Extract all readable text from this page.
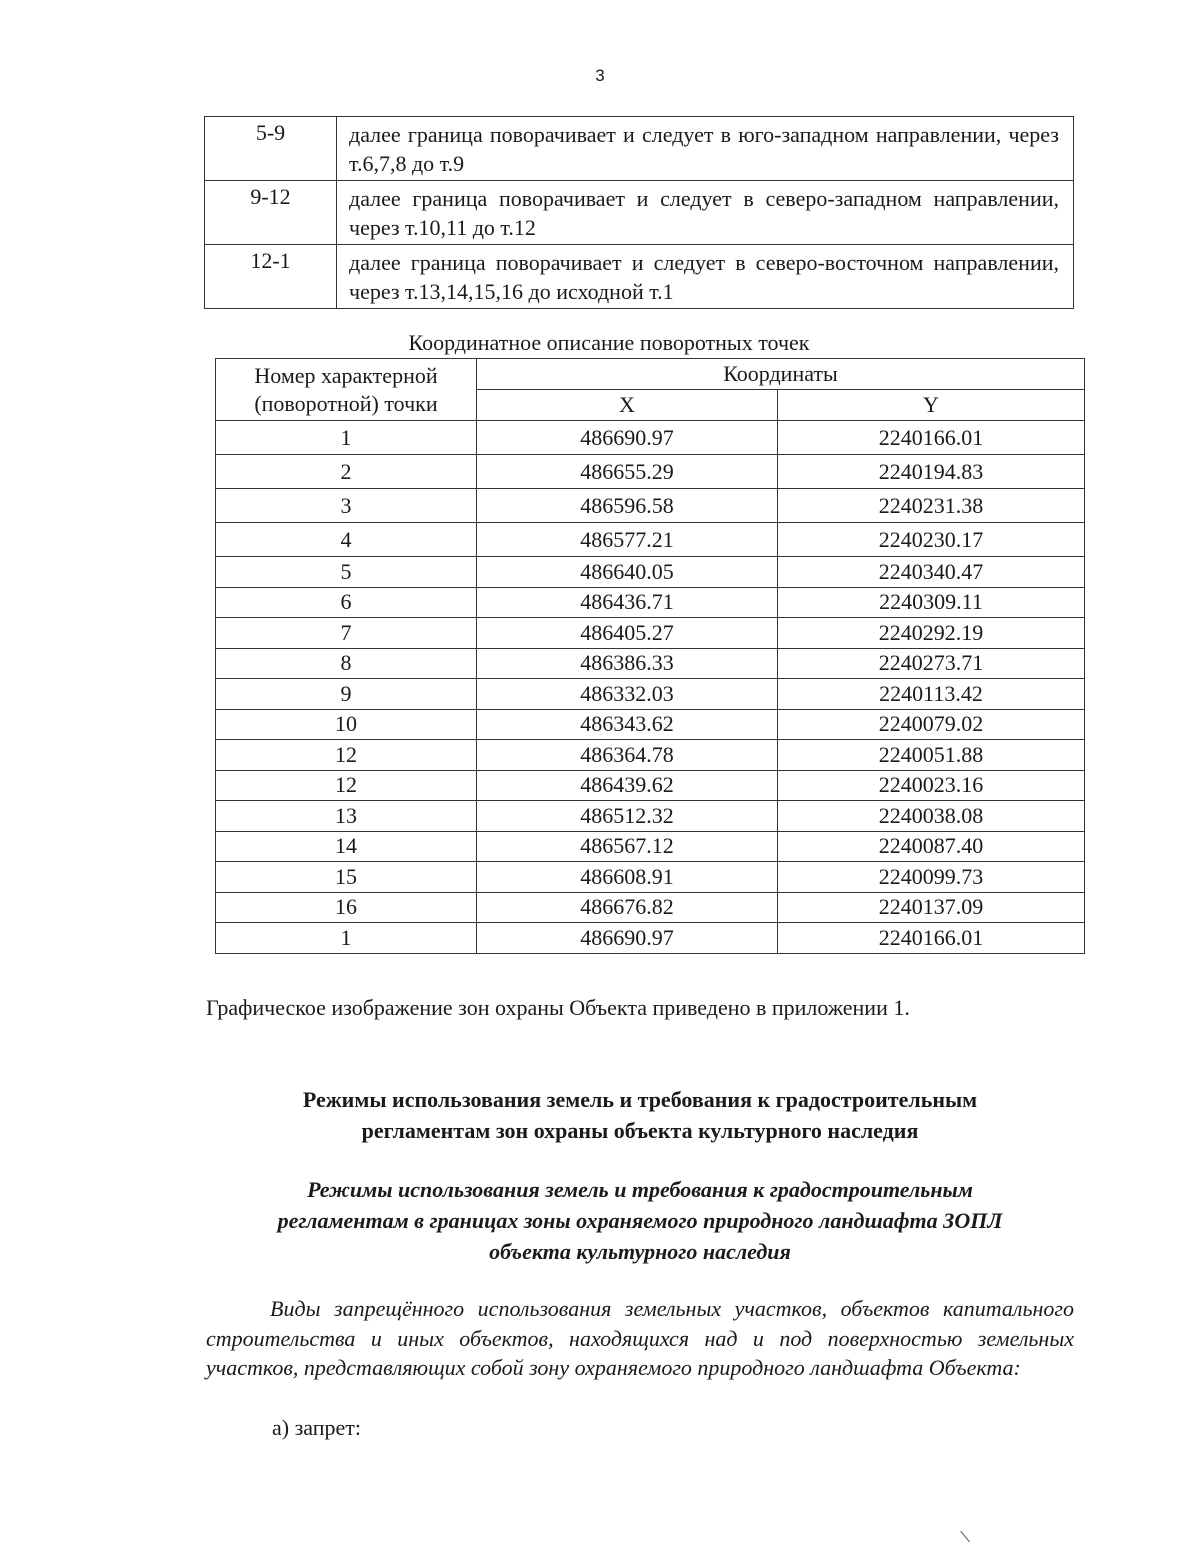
3
5-9	далее граница поворачивает и следует в юго-западном направлении, через т.6,7,8 до т.9
9-12	далее граница поворачивает и следует в северо-западном направлении, через т.10,11 до т.12
12-1	далее граница поворачивает и следует в северо-восточном направлении, через т.13,14,15,16 до исходной т.1
Координатное описание поворотных точек
Номер характерной
(поворотной) точки	Координаты	
	X	Y
1	486690.97	2240166.01
2	486655.29	2240194.83
3	486596.58	2240231.38
4	486577.21	2240230.17
5	486640.05	2240340.47
6	486436.71	2240309.11
7	486405.27	2240292.19
8	486386.33	2240273.71
9	486332.03	2240113.42
10	486343.62	2240079.02
12	486364.78	2240051.88
12	486439.62	2240023.16
13	486512.32	2240038.08
14	486567.12	2240087.40
15	486608.91	2240099.73
16	486676.82	2240137.09
1	486690.97	2240166.01
Графическое изображение зон охраны Объекта приведено в приложении 1.
Режимы использования земель и требования к градостроительным
регламентам зон охраны объекта культурного наследия
Режимы использования земель и требования к градостроительным
регламентам в границах зоны охраняемого природного ландшафта ЗОПЛ
объекта культурного наследия
Виды запрещённого использования земельных участков, объектов капитального строительства и иных объектов, находящихся над и под поверхностью земельных участков, представляющих собой зону охраняемого природного ландшафта Объекта:
а) запрет:
